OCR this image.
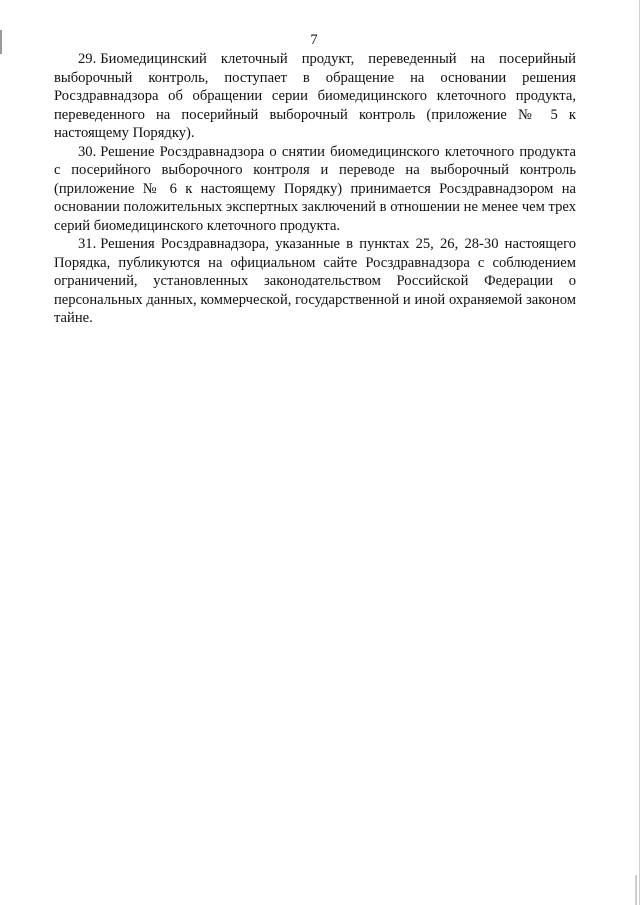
7

29. Биомедицинский клеточный продукт, переведенный на посерийный выборочный контроль, поступает в обращение на основании решения Росздравнадзора об обращении серии биомедицинского клеточного продукта, переведенного на посерийный выборочный контроль (приложение № 5 к настоящему Порядку).

30. Решение Росздравнадзора о снятии биомедицинского клеточного продукта с посерийного выборочного контроля и переводе на выборочный контроль (приложение № 6 к настоящему Порядку) принимается Росздравнадзором на основании положительных экспертных заключений в отношении не менее чем трех серий биомедицинского клеточного продукта.

31. Решения Росздравнадзора, указанные в пунктах 25, 26, 28-30 настоящего Порядка, публикуются на официальном сайте Росздравнадзора с соблюдением ограничений, установленных законодательством Российской Федерации о персональных данных, коммерческой, государственной и иной охраняемой законом тайне.
